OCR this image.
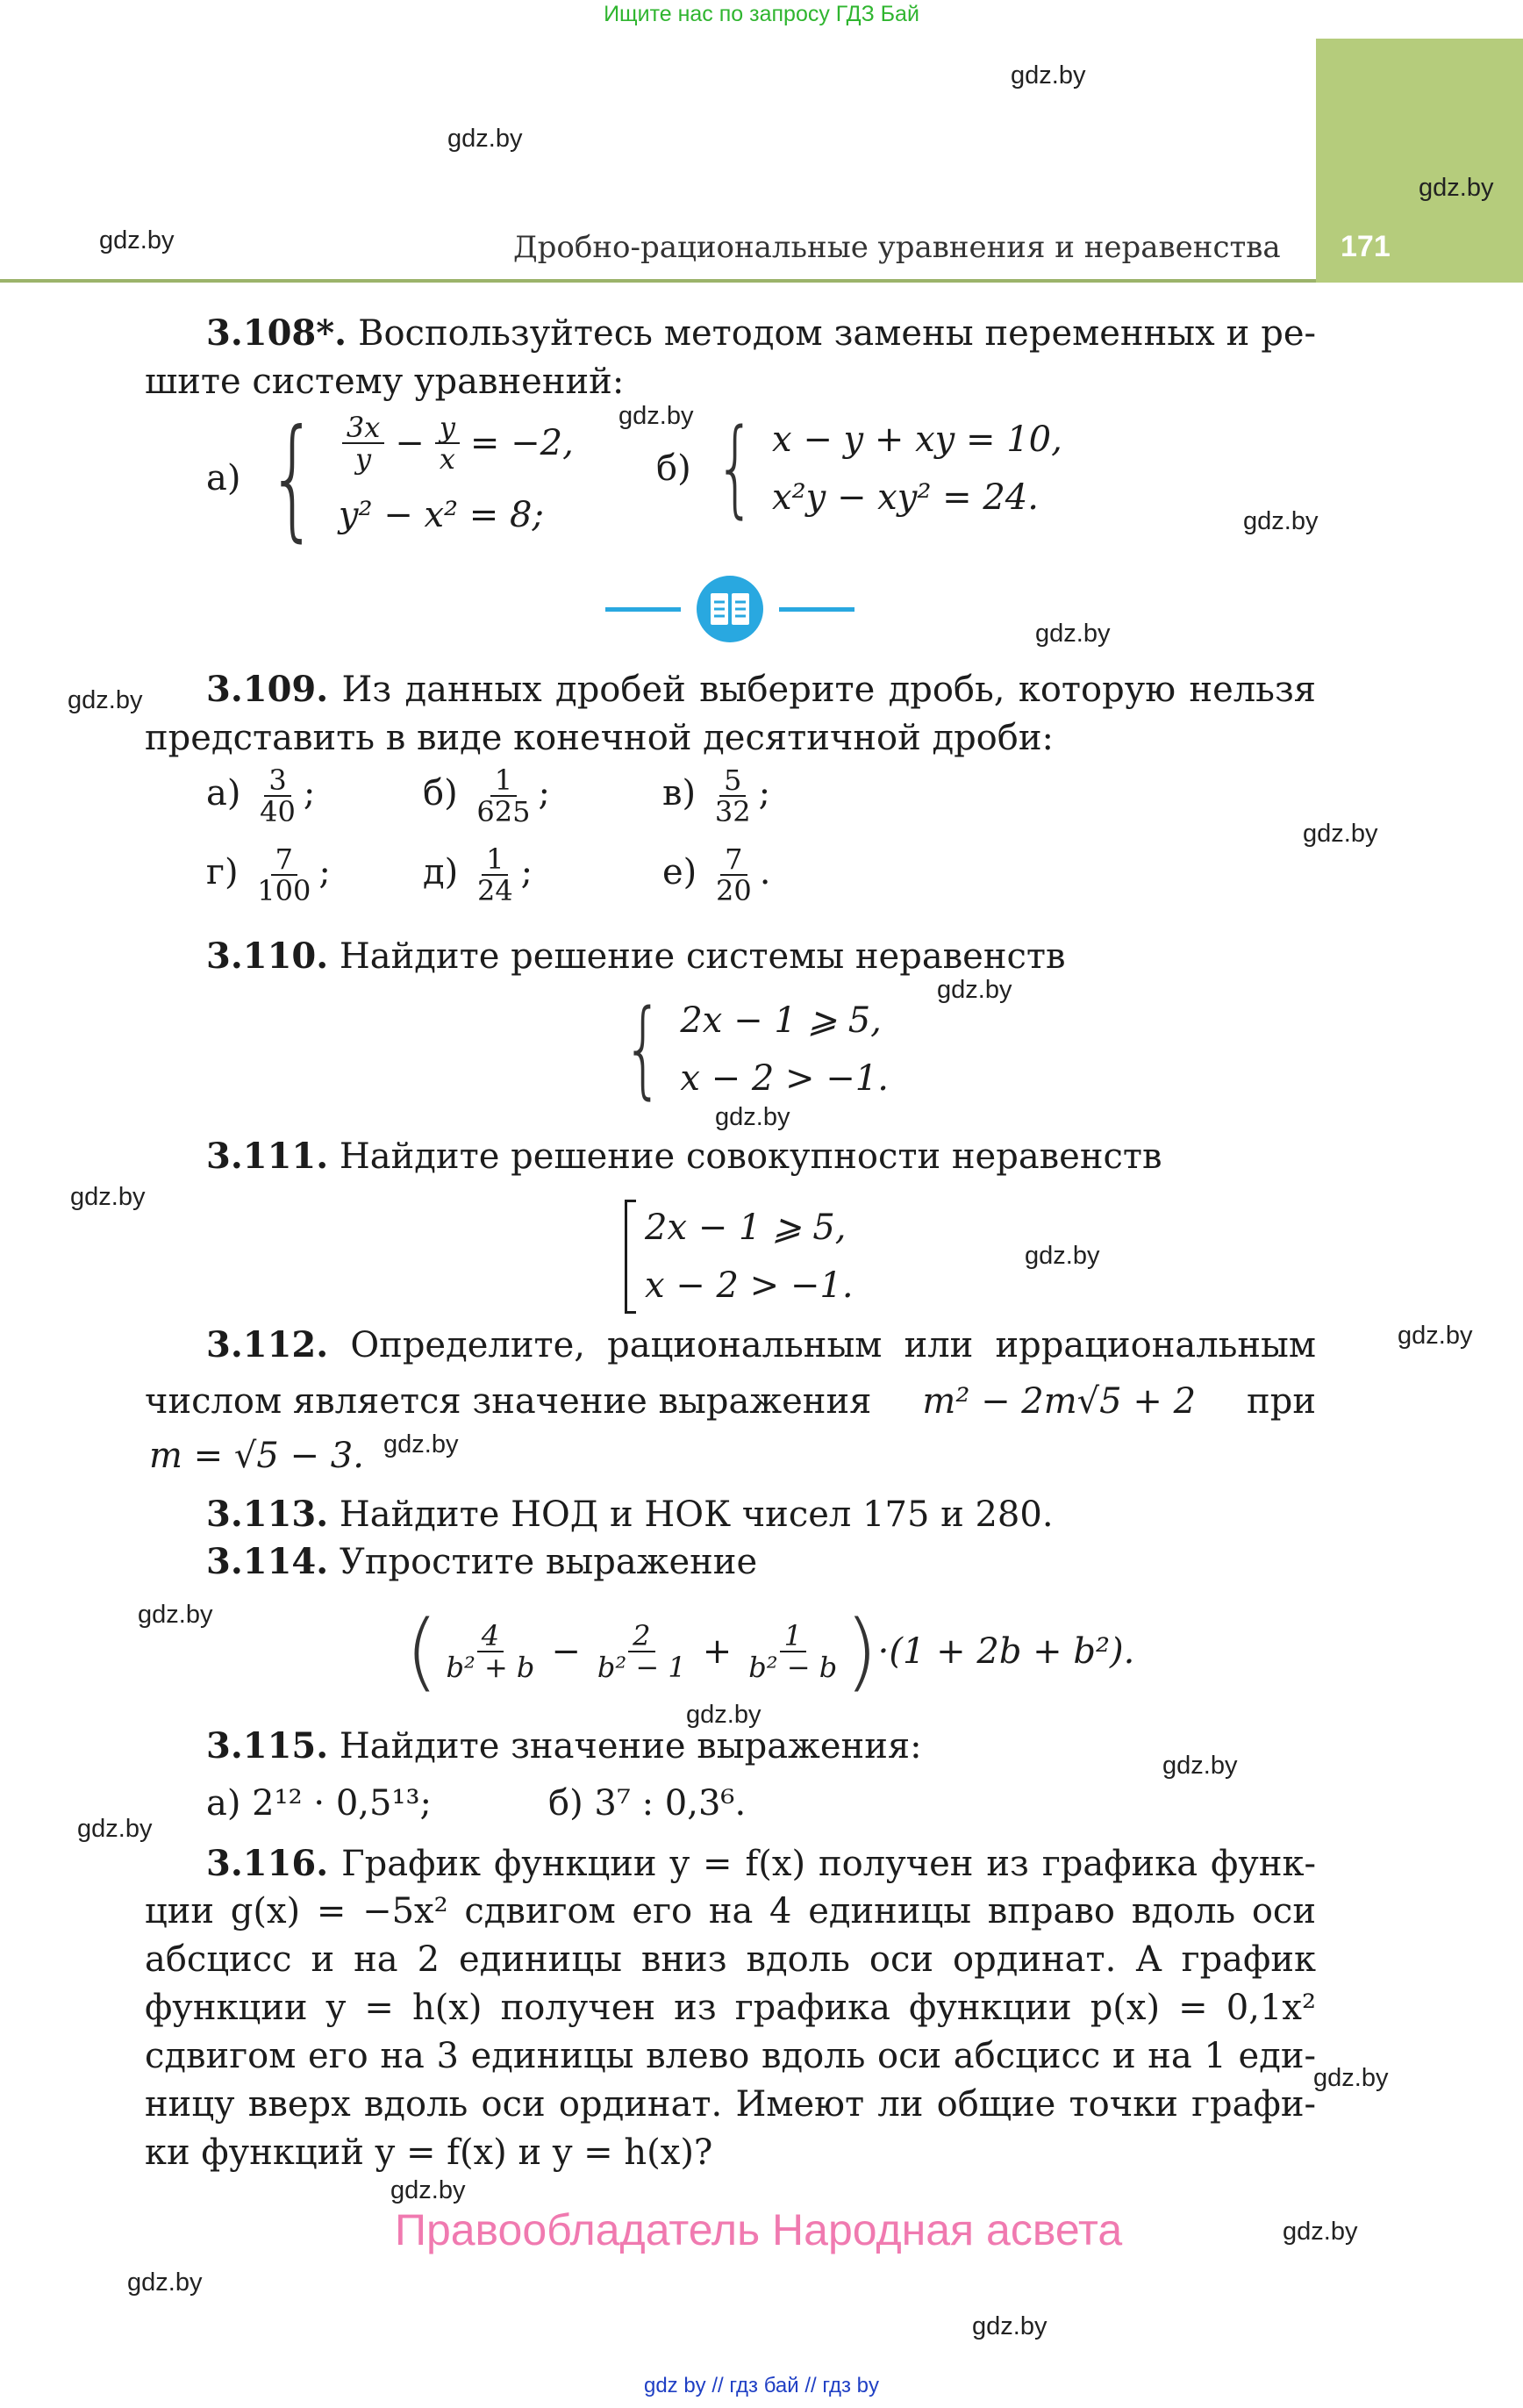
Ищите нас по запросу ГДЗ Бай
171
Дробно-рациональные уравнения и неравенства
gdz.by
gdz.by
gdz.by
gdz.by
gdz.by
gdz.by
gdz.by
gdz.by
gdz.by
gdz.by
gdz.by
gdz.by
gdz.by
gdz.by
gdz.by
gdz.by
gdz.by
gdz.by
gdz.by
gdz.by
gdz.by
gdz.by
gdz.by
gdz.by
3.108*. Воспользуйтесь методом замены переменных и ре-
шите систему уравнений:
а) { $\frac{3x}{y} - \frac{y}{x} = -2$,
y² − x² = 8;
б) { x − y + xy = 10,
x²y − xy² = 24.
3.109. Из данных дробей выберите дробь, которую нельзя
представить в виде конечной десятичной дроби:
$а) \frac{3}{40}$ ;	$б) \frac{1}{625}$ ;	$в) \frac{5}{32}$ ;
$г) \frac{7}{100}$ ;	$д) \frac{1}{24}$ ;	$е) \frac{7}{20}$ .
3.110. Найдите решение системы неравенств
{ 2x − 1 ⩾ 5,
x − 2 > −1.
3.111. Найдите решение совокупности неравенств
2x − 1 ⩾ 5,
x − 2 > −1.
3.112. Определите, рациональным или иррациональным
числом является значение выражения m² − 2m√5 + 2 при
m = √5 − 3.
3.113. Найдите НОД и НОК чисел 175 и 280.
3.114. Упростите выражение
( $\frac{4}{\text{b² + b}} - \frac{2}{\text{b² − 1}} + \frac{1}{\text{b² − b}}$ ) ·(1 + 2b + b²).
3.115. Найдите значение выражения:
а) 2¹² · 0,5¹³;	б) 3⁷ : 0,3⁶.
3.116. График функции y = f(x) получен из графика функ-
ции g(x) = −5x² сдвигом его на 4 единицы вправо вдоль оси
абсцисс и на 2 единицы вниз вдоль оси ординат. А график
функции y = h(x) получен из графика функции p(x) = 0,1x²
сдвигом его на 3 единицы влево вдоль оси абсцисс и на 1 еди-
ницу вверх вдоль оси ординат. Имеют ли общие точки графи-
ки функций y = f(x) и y = h(x)?
Правообладатель Народная асвета
gdz by // гдз бай // гдз by
